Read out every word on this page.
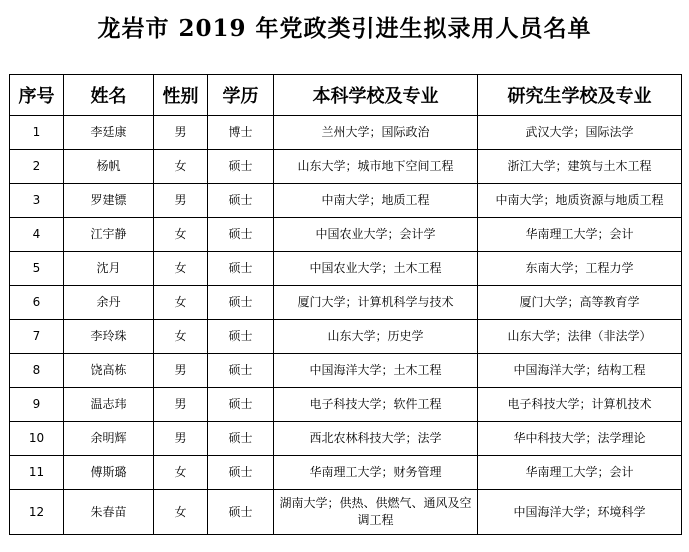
龙岩市 2019 年党政类引进生拟录用人员名单
序号	姓名	性别	学历	本科学校及专业	研究生学校及专业
1	李廷康	男	博士	兰州大学；国际政治	武汉大学；国际法学
2	杨帆	女	硕士	山东大学；城市地下空间工程	浙江大学；建筑与土木工程
3	罗建镖	男	硕士	中南大学；地质工程	中南大学；地质资源与地质工程
4	江宇静	女	硕士	中国农业大学；会计学	华南理工大学；会计
5	沈月	女	硕士	中国农业大学；土木工程	东南大学；工程力学
6	余丹	女	硕士	厦门大学；计算机科学与技术	厦门大学；高等教育学
7	李玲珠	女	硕士	山东大学；历史学	山东大学；法律（非法学）
8	饶高栋	男	硕士	中国海洋大学；土木工程	中国海洋大学；结构工程
9	温志玮	男	硕士	电子科技大学；软件工程	电子科技大学；计算机技术
10	余明辉	男	硕士	西北农林科技大学；法学	华中科技大学；法学理论
11	傅斯璐	女	硕士	华南理工大学；财务管理	华南理工大学；会计
12	朱春苗	女	硕士	湖南大学；供热、供燃气、通风及空调工程	中国海洋大学；环境科学
